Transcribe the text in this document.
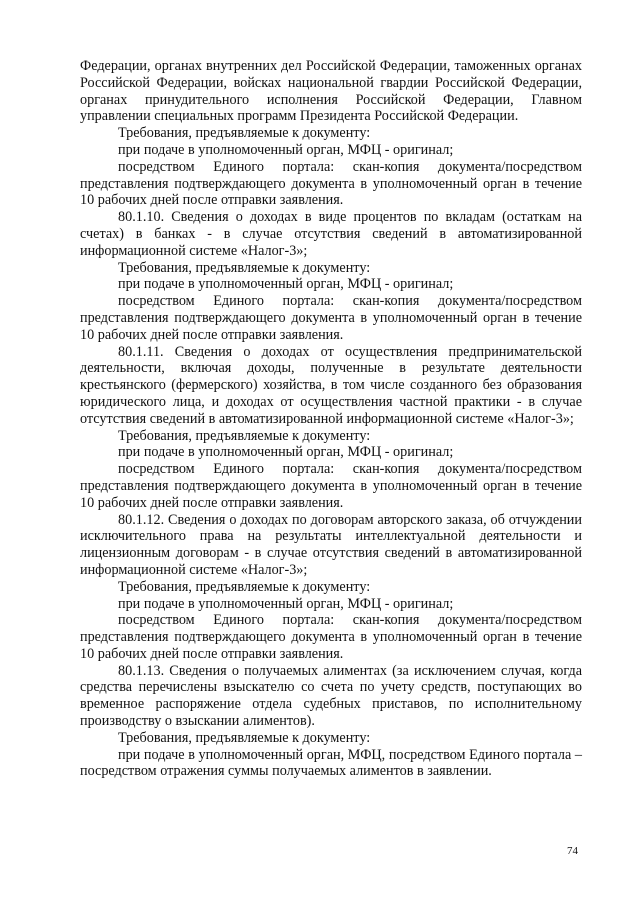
Федерации, органах внутренних дел Российской Федерации, таможенных органах Российской Федерации, войсках национальной гвардии Российской Федерации, органах принудительного исполнения Российской Федерации, Главном управлении специальных программ Президента Российской Федерации.

Требования, предъявляемые к документу:

при подаче в уполномоченный орган, МФЦ - оригинал;

посредством Единого портала: скан-копия документа/посредством представления подтверждающего документа в уполномоченный орган в течение 10 рабочих дней после отправки заявления.

80.1.10. Сведения о доходах в виде процентов по вкладам (остаткам на счетах) в банках - в случае отсутствия сведений в автоматизированной информационной системе «Налог-3»;

Требования, предъявляемые к документу:

при подаче в уполномоченный орган, МФЦ - оригинал;

посредством Единого портала: скан-копия документа/посредством представления подтверждающего документа в уполномоченный орган в течение 10 рабочих дней после отправки заявления.

80.1.11. Сведения о доходах от осуществления предпринимательской деятельности, включая доходы, полученные в результате деятельности крестьянского (фермерского) хозяйства, в том числе созданного без образования юридического лица, и доходах от осуществления частной практики - в случае отсутствия сведений в автоматизированной информационной системе «Налог-3»;

Требования, предъявляемые к документу:

при подаче в уполномоченный орган, МФЦ - оригинал;

посредством Единого портала: скан-копия документа/посредством представления подтверждающего документа в уполномоченный орган в течение 10 рабочих дней после отправки заявления.

80.1.12. Сведения о доходах по договорам авторского заказа, об отчуждении исключительного права на результаты интеллектуальной деятельности и лицензионным договорам - в случае отсутствия сведений в автоматизированной информационной системе «Налог-3»;

Требования, предъявляемые к документу:

при подаче в уполномоченный орган, МФЦ - оригинал;

посредством Единого портала: скан-копия документа/посредством представления подтверждающего документа в уполномоченный орган в течение 10 рабочих дней после отправки заявления.

80.1.13. Сведения о получаемых алиментах (за исключением случая, когда средства перечислены взыскателю со счета по учету средств, поступающих во временное распоряжение отдела судебных приставов, по исполнительному производству о взыскании алиментов).

Требования, предъявляемые к документу:

при подаче в уполномоченный орган, МФЦ, посредством Единого портала – посредством отражения суммы получаемых алиментов в заявлении.

74
